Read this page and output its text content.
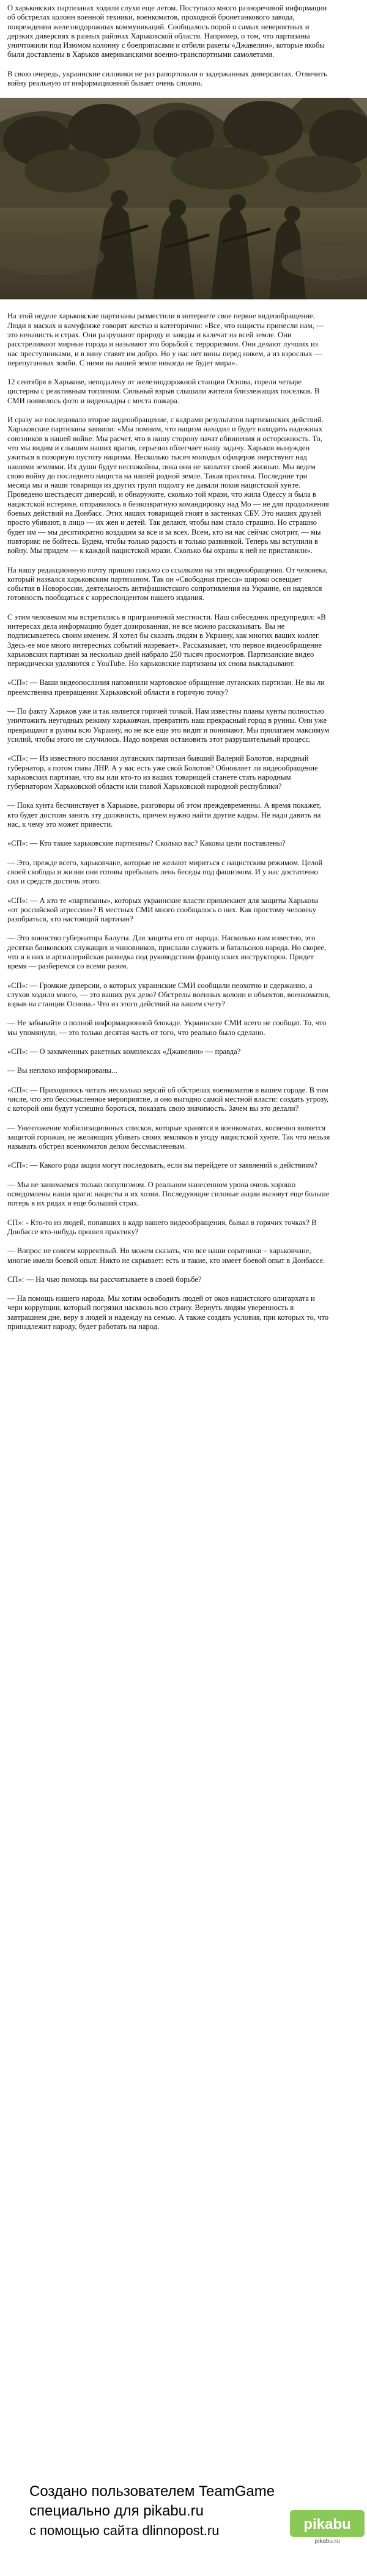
О харьковских партизанах ходили слухи еще летом. Поступало много разноречивой информации об обстрелах колонн военной техники, военкоматов, проходной бронетанкового завода, повреждении железнодорожных коммуникаций. Сообщалось порой о самых невероятных и дерзких диверсиях в разных районах Харьковской области. Например, о том, что партизаны уничтожили под Изюмом колонну с боеприпасами и отбили ракеты «Джавелин», которые якобы были доставлены в Харьков американскими военно-транспортными самолетами.

В свою очередь, украинские силовики не раз рапортовали о задержанных диверсантах. Отличить войну реальную от информационной бывает очень сложно.

На этой неделе харьковские партизаны разместили в интернете свое первое видеообращение. Люди в масках и камуфляже говорят жестко и категорично: «Все, что нацисты принесли нам, — это ненависть и страх. Они разрушают природу и заводы и калечат на всей земле. Они расстреливают мирные города и называют это борьбой с терроризмом. Они делают лучших из нас преступниками, и в вину ставят им добро. Но у нас нет вины перед никем, а из взрослых — перепуганных зомби. С ними на нашей земле никогда не будет мира».

12 сентября в Харькове, неподалеку от железнодорожной станции Основа, горели четыре цистерны с реактивным топливом. Сильный взрыв слышали жители близлежащих поселков. В СМИ появилось фото и видеокадры с места пожара.

И сразу же последовало второе видеообращение, с кадрами результатов партизанских действий. Харьковские партизаны заявили: «Мы помним, что нацизм находил и будет находить надежных союзников в нашей войне. Мы расчет, что в нашу сторону начат обвинения и осторожность. То, что мы видим и слышим наших врагов, серьезно облегчает нашу задачу. Харьков вынужден ужиться в позорную пустоту нацизма. Несколько тысяч молодых офицеров зверствуют над нашими землями. Их души будут неспокойны, пока они не заплатят своей жизнью. Мы ведем свою войну до последнего нациста на нашей родной земле. Такая практика. Последние три месяца мы и наши товарищи из других групп подолгу не давали покоя нацистской хунте. Проведено шестьдесят диверсий, и обнаружите, сколько той мрази, что жила Одессу и была в нацистской истерике, отправилось в безвозвратную командировку над Мо — не для продолжения боевых действий на Донбасс. Этих наших товарищей гноят в застенках СБУ. Это наших друзей просто убивают, в лицо — их жен и детей. Так делают, чтобы нам стало страшно. Но страшно будет им — мы десятикратно воздадим за все и за всех. Всем, кто на нас сейчас смотрит, — мы повторим: не бойтесь. Будем, чтобы только радость и только развинкой. Теперь мы вступили в войну. Мы придем — к каждой нацистской мрази. Сколько бы охраны к ней не приставили».

На нашу редакционную почту пришло письмо со ссылками на эти видеообращения. От человека, который назвался харьковским партизаном. Так он «Свободная пресса» широко освещает события в Новороссии, деятельность антифашистского сопротивления на Украине, он надеялся готовность пообщаться с корреспондентом нашего издания.

С этим человеком мы встретились в приграничной местности. Наш собеседник предупредил: «В интересах дела информацию будет дозированная, не все можно рассказывать. Вы не подписываетесь своим именем. Я хотел бы сказать людям в Украину, как многих ваших коллег. Здесь-ее мое много интересных событий назревает». Рассказывает, что первое видеообращение харьковских партизан за несколько дней набрало 250 тысяч просмотров. Партизанские видео периодически удаляются с YouTube. Но харьковские партизаны их снова выкладывают.

«СП»: — Ваши видеопослания напомнили мартовское обращение луганских партизан. Не вы ли преемственна превращения Харьковской области в горячую точку?

— По факту Харьков уже и так является горячей точкой. Нам известны планы хунты полностью уничтожить неугодных режиму харьковчан, превратить наш прекрасный город в руины. Они уже превращают в руины всю Украину, но не все еще это видят и понимают. Мы прилагаем максимум усилий, чтобы этого не случилось. Надо вовремя остановить этот разрушительный процесс.

«СП»: — Из известного послания луганских партизан бывший Валерий Болотов, народный губернатор, а потом глава ЛНР. А у вас есть уже свой Болотов? Обновляет ли видеообращение харьковских партизан, что вы или кто-то из ваших товарищей станете стать народным губернатором Харьковской области или главой Харьковской народной республики?

— Пока хунта бесчинствует в Харькове, разговоры об этом преждевременны. А время покажет, кто будет достоин занять эту должность, причем нужно найти другие кадры. Не надо давить на нас, к чему это может привести.

«СП»: — Кто такие харьковские партизаны? Сколько вас? Каковы цели поставлены?

— Это, прежде всего, харьковчане, которые не желают мириться с нацистским режимом. Целой своей свободы и жизни они готовы пребывать лень беседы под фашизмом. И у нас достаточно сил и средств достичь этого.

«СП»: — А кто те «партизаны», которых украинские власти привлекают для защиты Харькова «от российской агрессии»? В местных СМИ много сообщалось о них. Как простому человеку разобраться, кто настоящий партизан?

— Это воинство губернатора Балуты. Для защиты его от народа. Насколько нам известно, это десятки банковских служащих и чиновников, прислали служить и батальонов народа. Но скорее, что и в них и артиллерийская разведка под руководством французских инструкторов. Придет время — разберемся со всеми разом.

«СП»: — Громкие диверсии, о которых украинские СМИ сообщали неохотно и сдержанно, а слухов ходило много, — это ваших рук дело? Обстрелы военных колонн и объектов, военкоматов, взрыв на станции Основа.- Что из этого действий на вашем счету?

— Не забывайте о полной информационной блокаде. Украинские СМИ всего не сообщат. То, что мы упомянули, — это только десятая часть от того, что реально было сделано.

«СП»: — О захваченных ракетных комплексах «Джавелин» — правда?

— Вы неплохо информированы...

«СП»: — Приходилось читать несколько версий об обстрелах военкоматов в вашем городе. В том числе, что это бессмысленное мероприятие, и оно выгодно самой местной власти: создать угрозу, с которой они будут успешно бороться, показать свою значимость. Зачем вы это делали?

— Уничтожение мобилизационных списков, которые хранятся в военкоматах, косвенно является защитой горожан, не желающих убивать своих земляков в угоду нацистской хунте. Так что нельзя называть обстрел военкоматов делом бессмысленным.

«СП»: — Какого рода акции могут последовать, если вы перейдете от заявлений к действиям?

— Мы не занимаемся только популизмом. О реальном нанесенном урона очень хорошо осведомлены наши враги: нацисты и их хозяи. Последующие силовые акции вызовут еще больше потерь в их рядах и еще больший страх.

СП»: - Кто-то из людей, попавших в кадр вашего видеообращения, бывал в горячих точках? В Донбассе кто-нибудь прошел практику?

— Вопрос не совсем корректный. Но можем сказать, что все наши соратники – харьковчане, многие имели боевой опыт. Никто не скрывает: есть и такие, кто имеет боевой опыт в Донбассе.

СП»: — На чью помощь вы рассчитываете в своей борьбе?

— На помощь нашего народа. Мы хотим освободить людей от оков нацистского олигархата и черн коррупции, который погрязил насквозь всю страну. Вернуть людям уверенность в завтрашнем дне, веру в людей и надежду на семью. А также создать условия, при которых то, что принадлежит народу, будет работать на народ.

Создано пользователем TeamGame
специально для pikabu.ru
с помощью сайта dlinnopost.ru	pikabu
pikabu.ru
